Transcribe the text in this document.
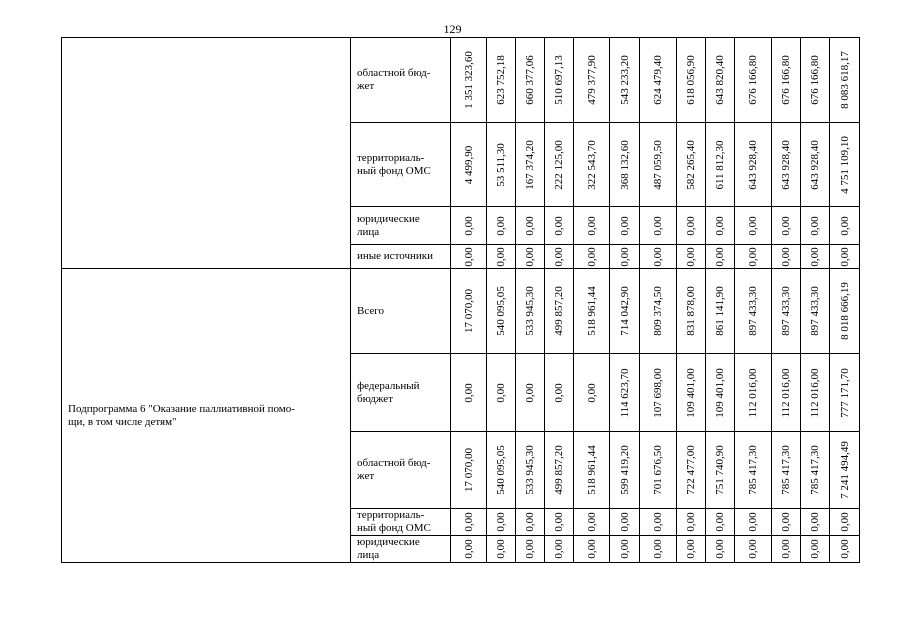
129
	областной бюд-
жет	1 351 323,60	623 752,18	660 377,06	510 697,13	479 377,90	543 233,20	624 479,40	618 056,90	643 820,40	676 166,80	676 166,80	676 166,80	8 083 618,17

	территориаль-
ный фонд ОМС	4 499,90	53 511,30	167 374,20	222 125,00	322 543,70	368 132,60	487 059,50	582 265,40	611 812,30	643 928,40	643 928,40	643 928,40	4 751 109,10

	юридические
лица	0,00	0,00	0,00	0,00	0,00	0,00	0,00	0,00	0,00	0,00	0,00	0,00	0,00

	иные источники	0,00	0,00	0,00	0,00	0,00	0,00	0,00	0,00	0,00	0,00	0,00	0,00	0,00

Подпрограмма 6 "Оказание паллиативной помо-
щи, в том числе детям"	Всего	17 070,00	540 095,05	533 945,30	499 857,20	518 961,44	714 042,90	809 374,50	831 878,00	861 141,90	897 433,30	897 433,30	897 433,30	8 018 666,19

	федеральный
бюджет	0,00	0,00	0,00	0,00	0,00	114 623,70	107 698,00	109 401,00	109 401,00	112 016,00	112 016,00	112 016,00	777 171,70

	областной бюд-
жет	17 070,00	540 095,05	533 945,30	499 857,20	518 961,44	599 419,20	701 676,50	722 477,00	751 740,90	785 417,30	785 417,30	785 417,30	7 241 494,49

	территориаль-
ный фонд ОМС	0,00	0,00	0,00	0,00	0,00	0,00	0,00	0,00	0,00	0,00	0,00	0,00	0,00

	юридические
лица	0,00	0,00	0,00	0,00	0,00	0,00	0,00	0,00	0,00	0,00	0,00	0,00	0,00
